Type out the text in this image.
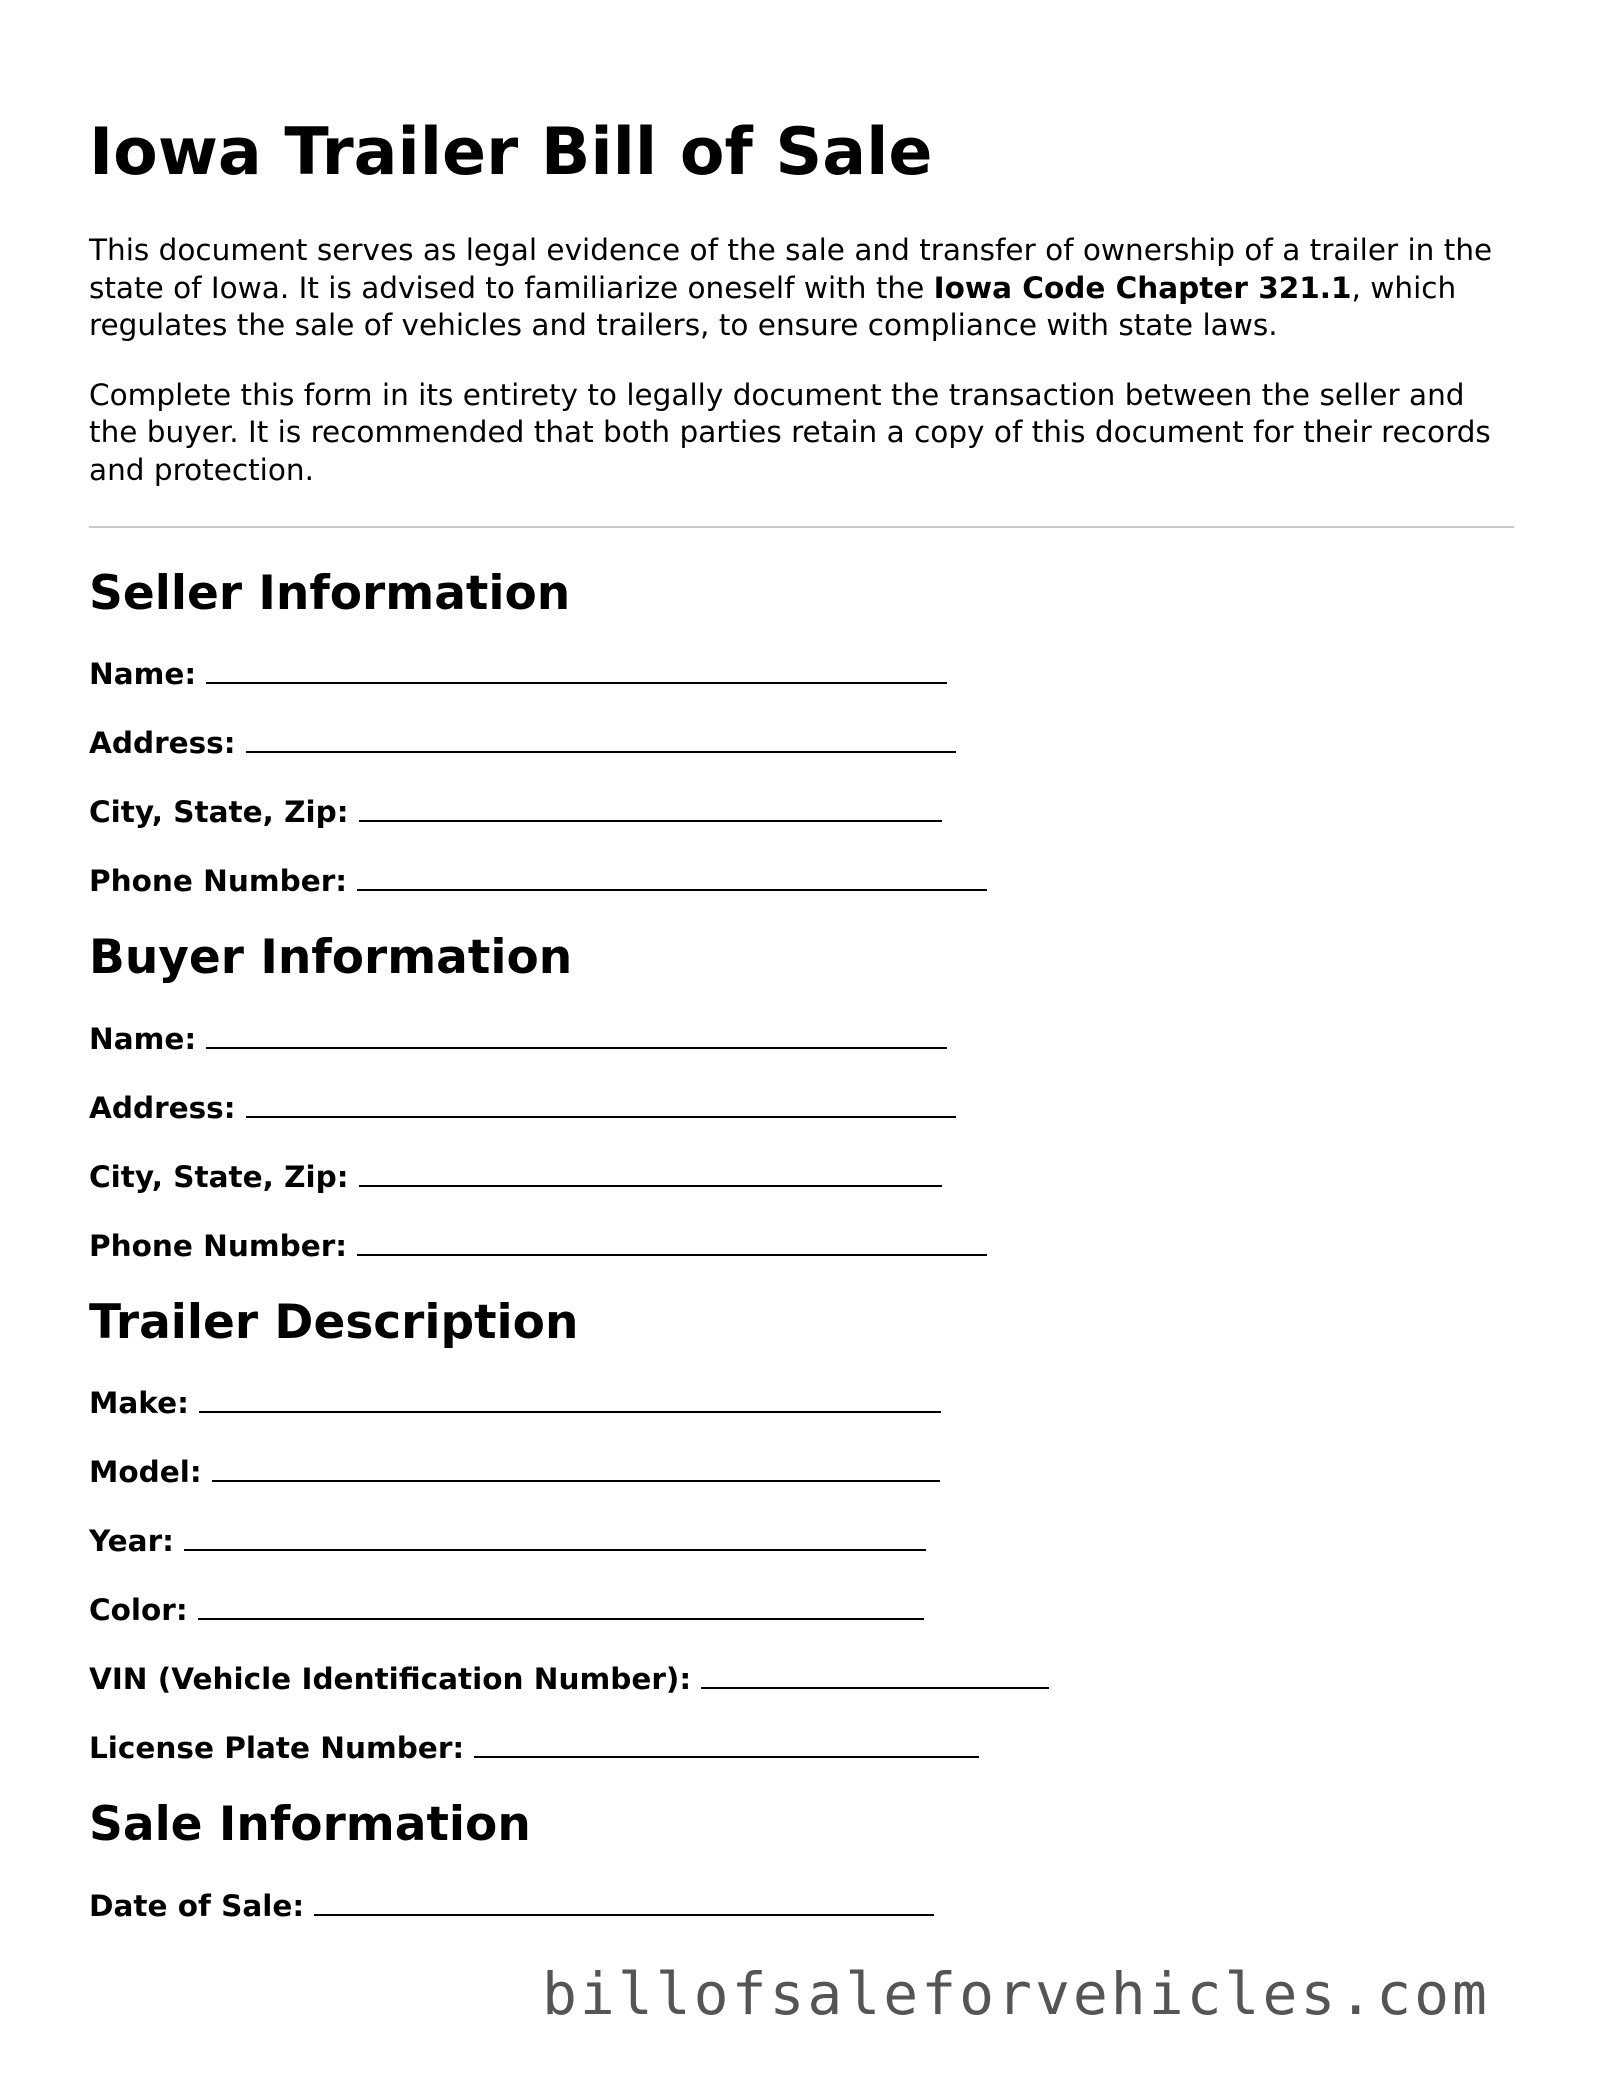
Iowa Trailer Bill of Sale

This document serves as legal evidence of the sale and transfer of ownership of a trailer in the state of Iowa. It is advised to familiarize oneself with the Iowa Code Chapter 321.1, which regulates the sale of vehicles and trailers, to ensure compliance with state laws.

Complete this form in its entirety to legally document the transaction between the seller and the buyer. It is recommended that both parties retain a copy of this document for their records and protection.

Seller Information
Name:
Address:
City, State, Zip:
Phone Number:
Buyer Information
Name:
Address:
City, State, Zip:
Phone Number:
Trailer Description
Make:
Model:
Year:
Color:
VIN (Vehicle Identification Number):
License Plate Number:
Sale Information
Date of Sale:
billofsaleforvehicles.com
